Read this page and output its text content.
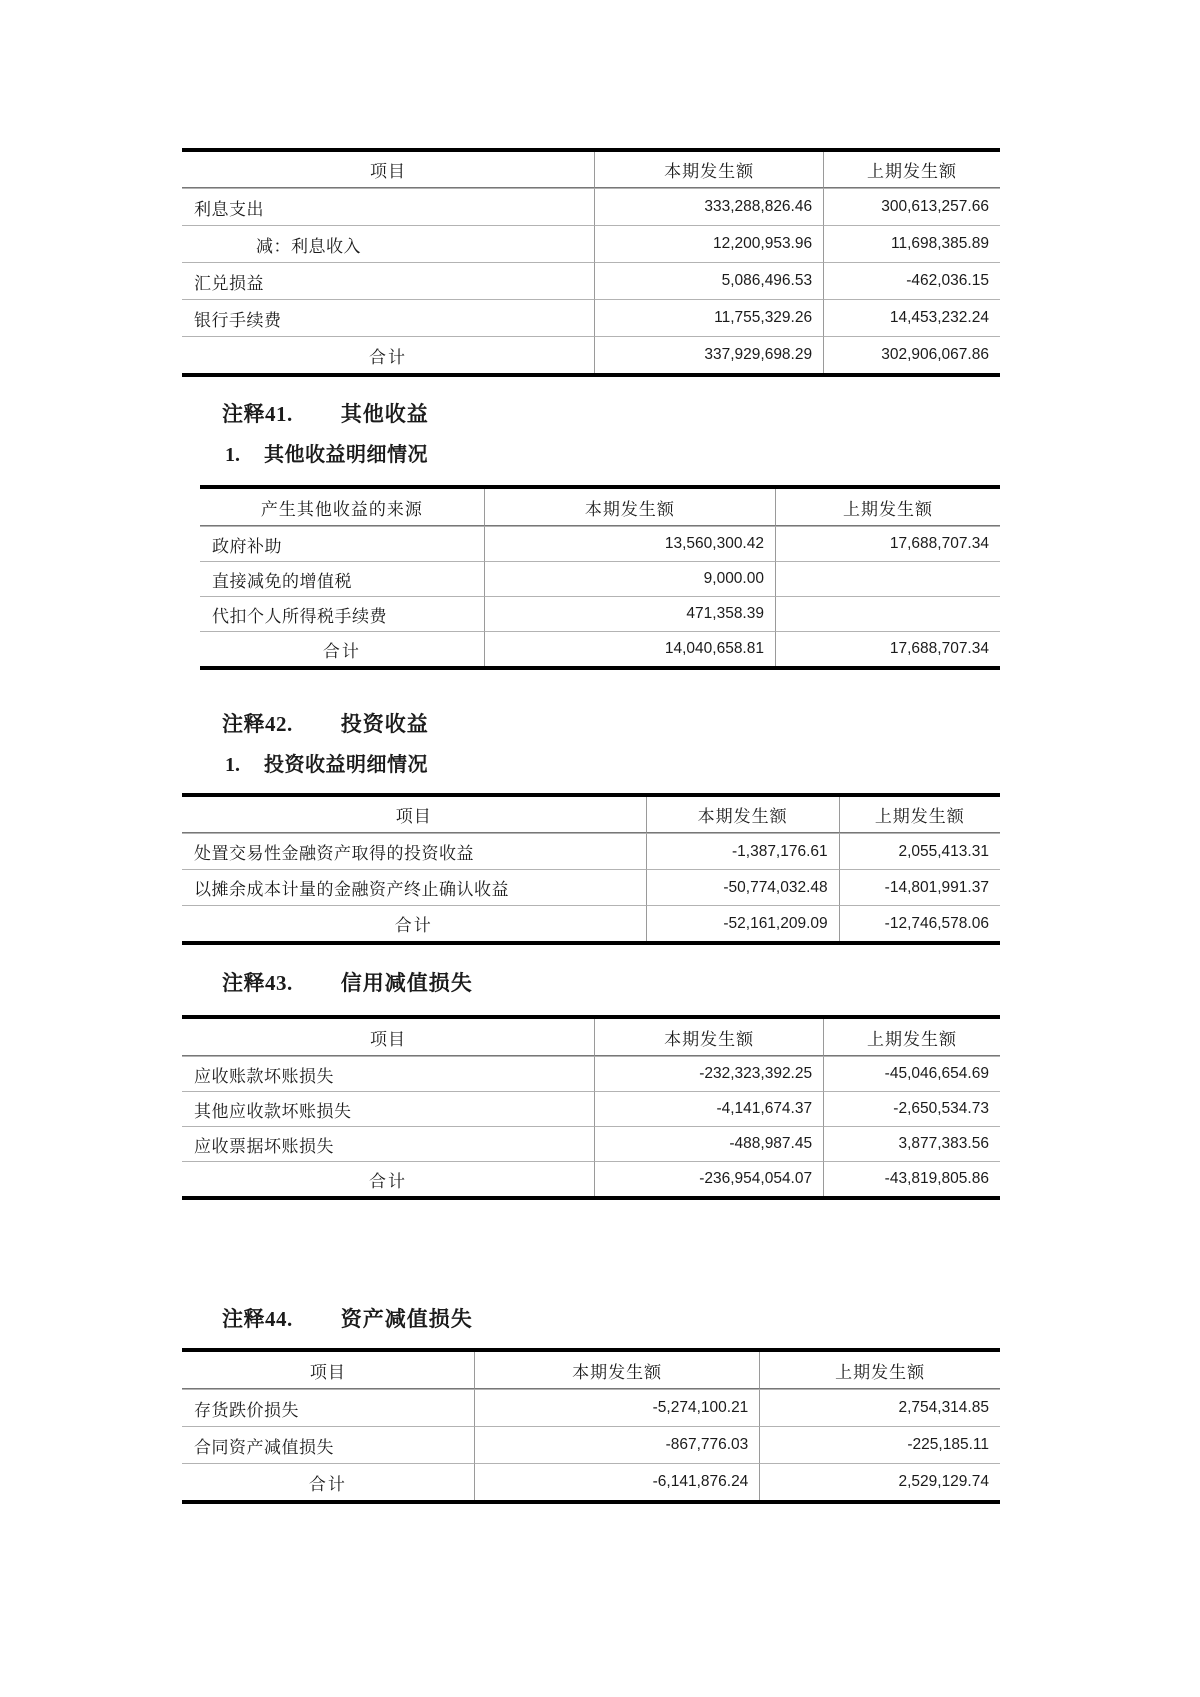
项目	本期发生额	上期发生额
利息支出	333,288,826.46	300,613,257.66
减：利息收入	12,200,953.96	11,698,385.89
汇兑损益	5,086,496.53	-462,036.15
银行手续费	11,755,329.26	14,453,232.24
合计	337,929,698.29	302,906,067.86
注释41. 其他收益
1. 其他收益明细情况
产生其他收益的来源	本期发生额	上期发生额
政府补助	13,560,300.42	17,688,707.34
直接减免的增值税	9,000.00
代扣个人所得税手续费	471,358.39
合计	14,040,658.81	17,688,707.34
注释42. 投资收益
1. 投资收益明细情况
项目	本期发生额	上期发生额
处置交易性金融资产取得的投资收益	-1,387,176.61	2,055,413.31
以摊余成本计量的金融资产终止确认收益	-50,774,032.48	-14,801,991.37
合计	-52,161,209.09	-12,746,578.06
注释43. 信用减值损失
项目	本期发生额	上期发生额
应收账款坏账损失	-232,323,392.25	-45,046,654.69
其他应收款坏账损失	-4,141,674.37	-2,650,534.73
应收票据坏账损失	-488,987.45	3,877,383.56
合计	-236,954,054.07	-43,819,805.86
注释44. 资产减值损失
项目	本期发生额	上期发生额
存货跌价损失	-5,274,100.21	2,754,314.85
合同资产减值损失	-867,776.03	-225,185.11
合计	-6,141,876.24	2,529,129.74
